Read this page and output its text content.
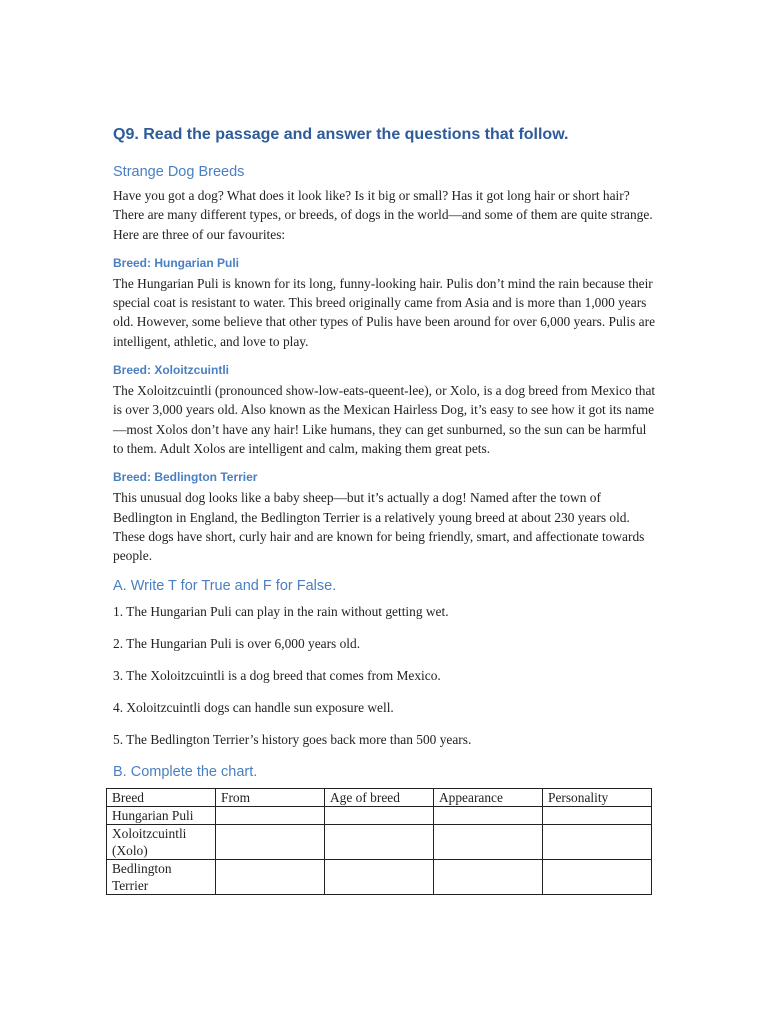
Q9. Read the passage and answer the questions that follow.
Strange Dog Breeds

Have you got a dog? What does it look like? Is it big or small? Has it got long hair or short hair? There are many different types, or breeds, of dogs in the world—and some of them are quite strange. Here are three of our favourites:

Breed: Hungarian Puli

The Hungarian Puli is known for its long, funny-looking hair. Pulis don’t mind the rain because their special coat is resistant to water. This breed originally came from Asia and is more than 1,000 years old. However, some believe that other types of Pulis have been around for over 6,000 years. Pulis are intelligent, athletic, and love to play.

Breed: Xoloitzcuintli

The Xoloitzcuintli (pronounced show-low-eats-queent-lee), or Xolo, is a dog breed from Mexico that is over 3,000 years old. Also known as the Mexican Hairless Dog, it’s easy to see how it got its name—most Xolos don’t have any hair! Like humans, they can get sunburned, so the sun can be harmful to them. Adult Xolos are intelligent and calm, making them great pets.

Breed: Bedlington Terrier

This unusual dog looks like a baby sheep—but it’s actually a dog! Named after the town of Bedlington in England, the Bedlington Terrier is a relatively young breed at about 230 years old. These dogs have short, curly hair and are known for being friendly, smart, and affectionate towards people.

A. Write T for True and F for False.

1. The Hungarian Puli can play in the rain without getting wet.

2. The Hungarian Puli is over 6,000 years old.

3. The Xoloitzcuintli is a dog breed that comes from Mexico.

4. Xoloitzcuintli dogs can handle sun exposure well.

5. The Bedlington Terrier’s history goes back more than 500 years.

B. Complete the chart.
Breed	From	Age of breed	Appearance	Personality
Hungarian Puli				
Xoloitzcuintli (Xolo)				
Bedlington Terrier				
